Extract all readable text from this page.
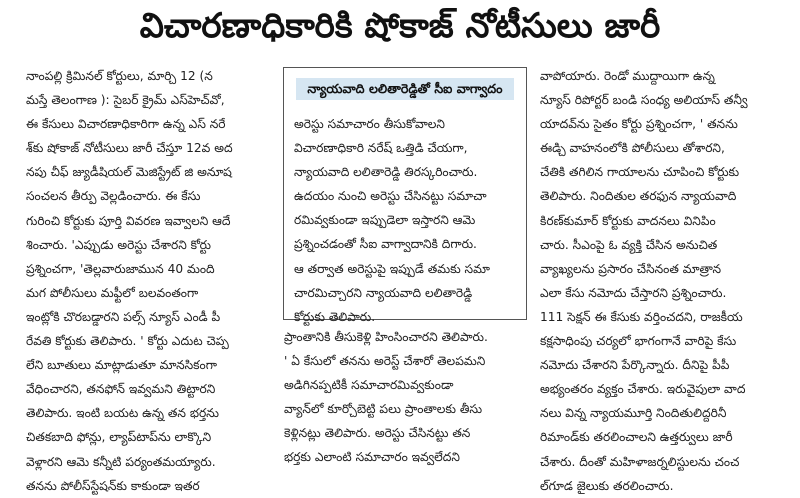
విచారణాధికారికి షోకాజ్ నోటీసులు జారీ
నాంపల్లి క్రిమినల్ కోర్టులు, మార్చి 12 (న
మస్తే తెలంగాణ ): సైబర్ క్రైమ్ ఎస్‌హెచ్‌వో,
ఈ కేసులు విచారణాధికారిగా ఉన్న ఎస్ నరే
శ్‌కు షోకాజ్ నోటీసులు జారీ చేస్తూ 12వ అద
నపు చీఫ్ జ్యుడీషియల్ మెజిస్ట్రేట్ జి అనూష
సంచలన తీర్పు వెల్లడించారు. ఈ కేసు
గురించి కోర్టుకు పూర్తి వివరణ ఇవ్వాలని ఆదే
శించారు. 'ఎప్పుడు అరెస్టు చేశారని కోర్టు
ప్రశ్నించగా, 'తెల్లవారుజామున 40 మంది
మగ పోలీసులు మఫ్టీలో బలవంతంగా
ఇంట్లోకి చొరబడ్డారని పల్స్ న్యూస్ ఎండీ పీ
రేవతి కోర్టుకు తెలిపారు. ' కోర్టు ఎదుట చెప్ప
లేని బూతులు మాట్లాడుతూ మానసికంగా
వేధించారని, తనఫోన్ ఇవ్వమని తిట్టారని
తెలిపారు. ఇంటి బయట ఉన్న తన భర్తను
చితకబాది ఫోన్లు, ల్యాప్‌టాప్‌ను లాక్కొని
వెళ్లారని ఆమె కన్నీటి పర్యంతమయ్యారు.
తనను పోలీస్‌స్టేషన్‌కు కాకుండా ఇతర
న్యాయవాది లలితారెడ్డితో సీఐ వాగ్వాదం
అరెస్టు సమాచారం తీసుకోవాలని
విచారణాధికారి నరేష్ ఒత్తిడి చేయగా,
న్యాయవాది లలితారెడ్డి తిరస్కరించారు.
ఉదయం నుంచి అరెస్టు చేసినట్టు సమాచా
రమివ్వకుండా ఇప్పుడెలా ఇస్తారని ఆమె
ప్రశ్నించడంతో సీఐ వాగ్వాదానికి దిగారు.
ఆ తర్వాత అరెస్టుపై ఇప్పుడే తమకు సమా
చారమిచ్చారని న్యాయవాది లలితారెడ్డి
కోర్టుకు తెలిపారు.
ప్రాంతానికి తీసుకెళ్లి హింసించారని తెలిపారు.
' ఏ కేసులో తనను అరెస్ట్ చేశారో తెలపమని
అడిగినప్పటికీ సమాచారమివ్వకుండా
వ్యాన్‌లో కూర్చోబెట్టి పలు ప్రాంతాలకు తీసు
కెళ్లినట్లు తెలిపారు. అరెస్టు చేసినట్టు తన
భర్తకు ఎలాంటి సమాచారం ఇవ్వలేదని
వాపోయారు. రెండో ముద్దాయిగా ఉన్న
న్యూస్ రిపోర్టర్ బండి సంధ్య అలియాస్ తన్వీ
యాదవ్‌ను సైతం కోర్టు ప్రశ్నించగా, ' తనను
ఈడ్చి వాహనంలోకి పోలీసులు తోశారని,
చేతికి తగిలిన గాయాలను చూపించి కోర్టుకు
తెలిపారు. నిందితుల తరఫున న్యాయవాది
కిరణ్‌కుమార్ కోర్టుకు వాదనలు వినిపిం
చారు. సీఎంపై ఓ వ్యక్తి చేసిన అనుచిత
వ్యాఖ్యలను ప్రసారం చేసినంత మాత్రాన
ఎలా కేసు నమోదు చేస్తారని ప్రశ్నించారు.
111 సెక్షన్ ఈ కేసుకు వర్తించదని, రాజకీయ
కక్షసాధింపు చర్యలో భాగంగానే వారిపై కేసు
నమోదు చేశారని పేర్కొన్నారు. దీనిపై పీపీ
అభ్యంతరం వ్యక్తం చేశారు. ఇరువైపులా వాద
నలు విన్న న్యాయమూర్తి నిందితులిద్దరినీ
రిమాండ్‌కు తరలించాలని ఉత్తర్వులు జారీ
చేశారు. దీంతో మహిళాజర్నలిస్టులను చంచ
ల్‌గూడ జైలుకు తరలించారు.
